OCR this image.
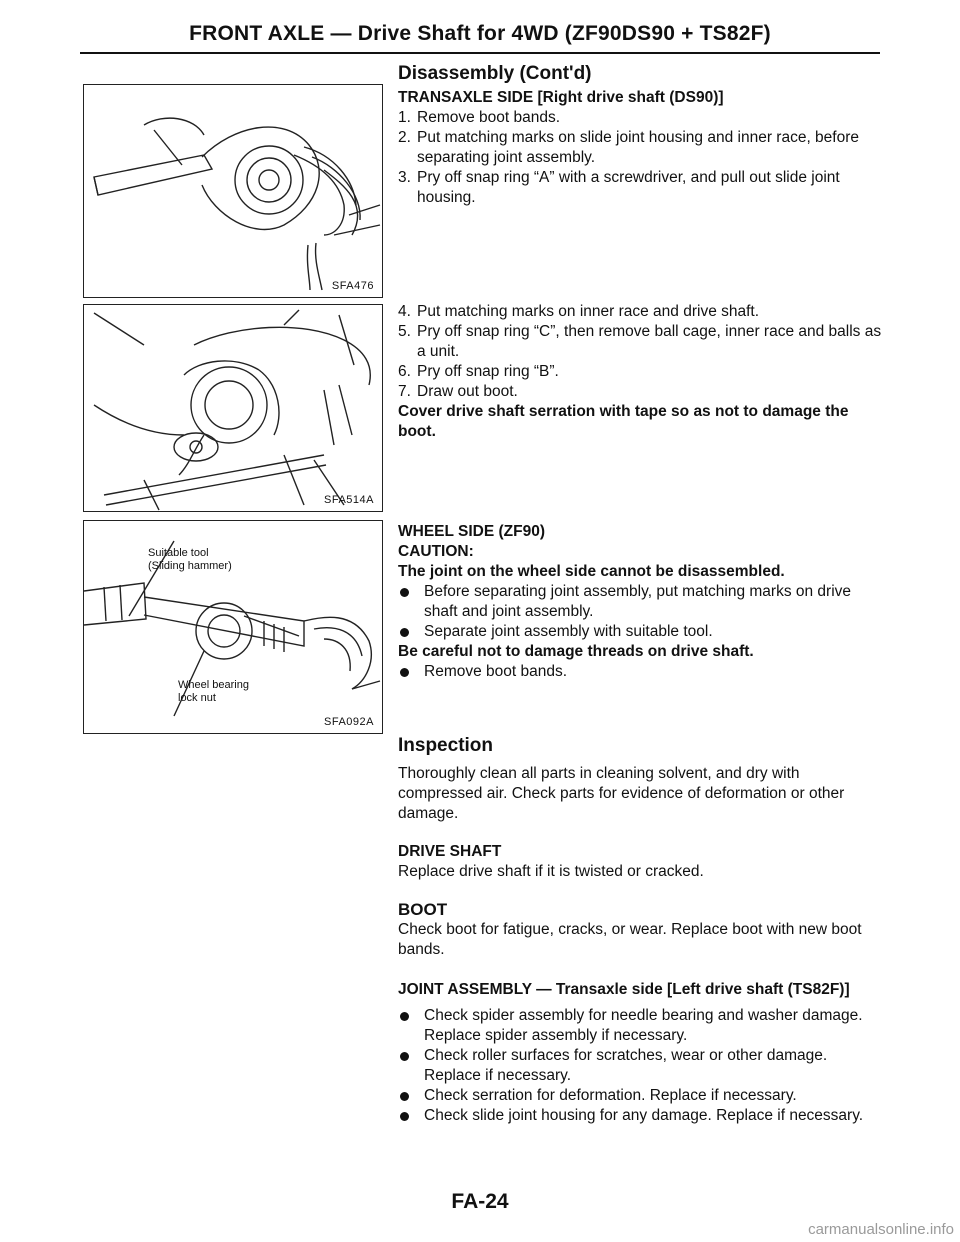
FRONT AXLE — Drive Shaft for 4WD (ZF90DS90 + TS82F)
SFA476
SFA514A
Suitable tool
(Sliding hammer)
Wheel bearing
lock nut
SFA092A
Disassembly (Cont'd)
TRANSAXLE SIDE [Right drive shaft (DS90)]
1. Remove boot bands.
2. Put matching marks on slide joint housing and inner race, before separating joint assembly.
3. Pry off snap ring “A” with a screwdriver, and pull out slide joint housing.
4. Put matching marks on inner race and drive shaft.
5. Pry off snap ring “C”, then remove ball cage, inner race and balls as a unit.
6. Pry off snap ring “B”.
7. Draw out boot.

Cover drive shaft serration with tape so as not to damage the boot.

WHEEL SIDE (ZF90)

CAUTION:

The joint on the wheel side cannot be disassembled.

Before separating joint assembly, put matching marks on drive shaft and joint assembly.
Separate joint assembly with suitable tool.

Be careful not to damage threads on drive shaft.

Remove boot bands.
Inspection

Thoroughly clean all parts in cleaning solvent, and dry with compressed air. Check parts for evidence of deformation or other damage.

DRIVE SHAFT

Replace drive shaft if it is twisted or cracked.

BOOT

Check boot for fatigue, cracks, or wear. Replace boot with new boot bands.

JOINT ASSEMBLY — Transaxle side [Left drive shaft (TS82F)]
Check spider assembly for needle bearing and washer damage.
Replace spider assembly if necessary.
Check roller surfaces for scratches, wear or other damage.
Replace if necessary.
Check serration for deformation. Replace if necessary.
Check slide joint housing for any damage. Replace if necessary.
FA-24
carmanualsonline.info
